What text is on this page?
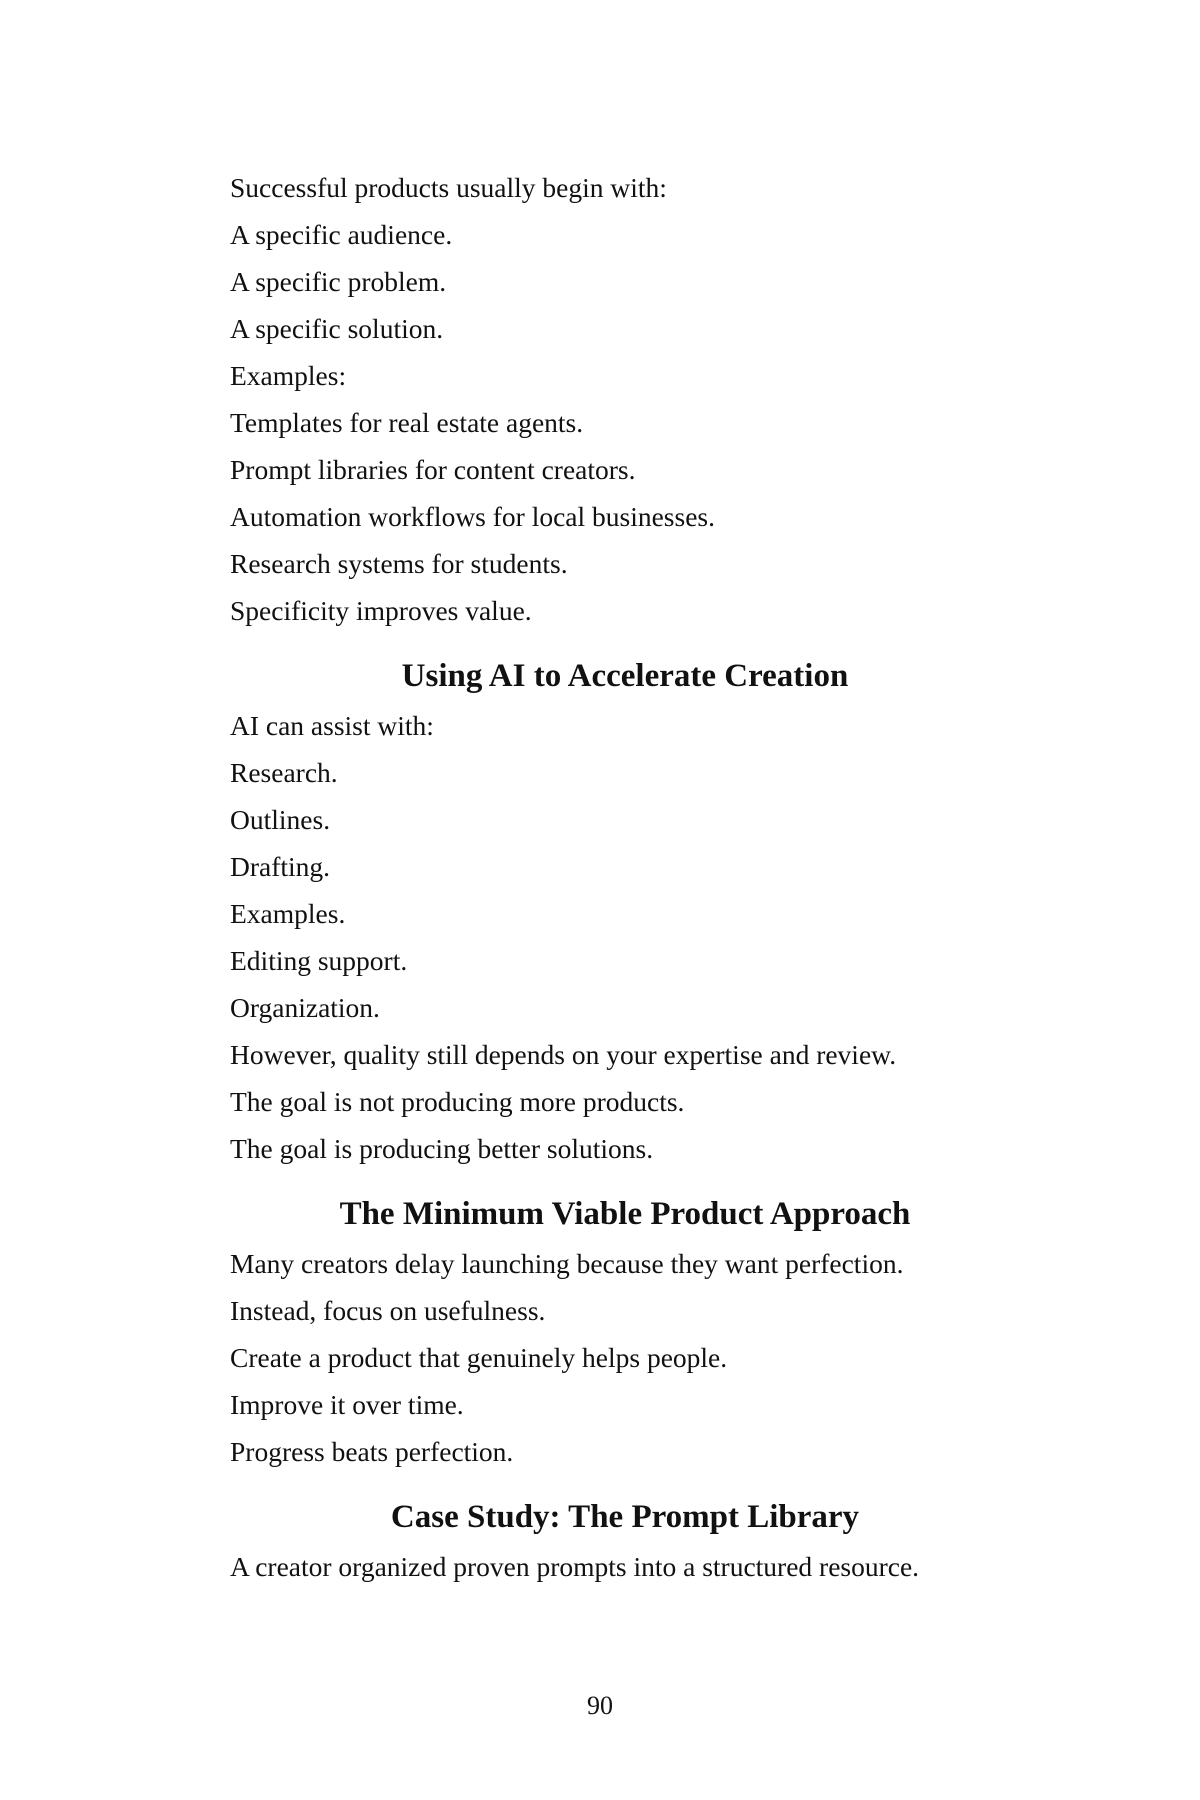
Successful products usually begin with:

A specific audience.

A specific problem.

A specific solution.

Examples:

Templates for real estate agents.

Prompt libraries for content creators.

Automation workflows for local businesses.

Research systems for students.

Specificity improves value.

Using AI to Accelerate Creation

AI can assist with:

Research.

Outlines.

Drafting.

Examples.

Editing support.

Organization.

However, quality still depends on your expertise and review.

The goal is not producing more products.

The goal is producing better solutions.

The Minimum Viable Product Approach

Many creators delay launching because they want perfection.

Instead, focus on usefulness.

Create a product that genuinely helps people.

Improve it over time.

Progress beats perfection.

Case Study: The Prompt Library

A creator organized proven prompts into a structured resource.

90
